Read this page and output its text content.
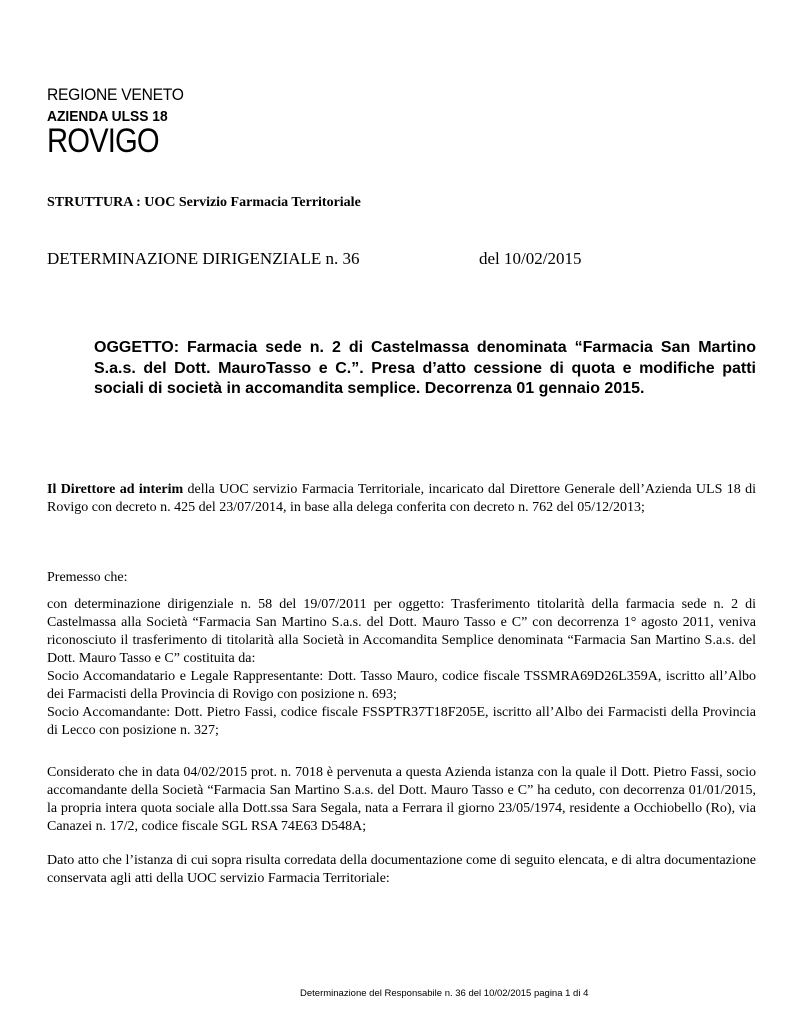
REGIONE VENETO
AZIENDA ULSS 18
ROVIGO
STRUTTURA : UOC Servizio Farmacia Territoriale
DETERMINAZIONE DIRIGENZIALE n. 36	del 10/02/2015
OGGETTO: Farmacia sede n. 2 di Castelmassa denominata “Farmacia San Martino S.a.s. del Dott. MauroTasso e C.”. Presa d’atto cessione di quota e modifiche patti sociali di società in accomandita semplice. Decorrenza 01 gennaio 2015.
Il Direttore ad interim della UOC servizio Farmacia Territoriale, incaricato dal Direttore Generale dell’Azienda ULS 18 di Rovigo con decreto n. 425 del 23/07/2014, in base alla delega conferita con decreto n. 762 del 05/12/2013;
Premesso che:
con determinazione dirigenziale n. 58 del 19/07/2011 per oggetto: Trasferimento titolarità della farmacia sede n. 2 di Castelmassa alla Società “Farmacia San Martino S.a.s. del Dott. Mauro Tasso e C” con decorrenza 1° agosto 2011, veniva riconosciuto il trasferimento di titolarità alla Società in Accomandita Semplice denominata “Farmacia San Martino S.a.s. del Dott. Mauro Tasso e C” costituita da:
Socio Accomandatario e Legale Rappresentante: Dott. Tasso Mauro, codice fiscale TSSMRA69D26L359A, iscritto all’Albo dei Farmacisti della Provincia di Rovigo con posizione n. 693;
Socio Accomandante: Dott. Pietro Fassi, codice fiscale FSSPTR37T18F205E, iscritto all’Albo dei Farmacisti della Provincia di Lecco con posizione n. 327;
Considerato che in data 04/02/2015 prot. n. 7018 è pervenuta a questa Azienda istanza con la quale il Dott. Pietro Fassi, socio accomandante della Società “Farmacia San Martino S.a.s. del Dott. Mauro Tasso e C” ha ceduto, con decorrenza 01/01/2015, la propria intera quota sociale alla Dott.ssa Sara Segala, nata a Ferrara il giorno 23/05/1974, residente a Occhiobello (Ro), via Canazei n. 17/2, codice fiscale SGL RSA 74E63 D548A;
Dato atto che l’istanza di cui sopra risulta corredata della documentazione come di seguito elencata, e di altra documentazione conservata agli atti della UOC servizio Farmacia Territoriale:
Determinazione del Responsabile n. 36 del 10/02/2015 pagina 1 di 4
